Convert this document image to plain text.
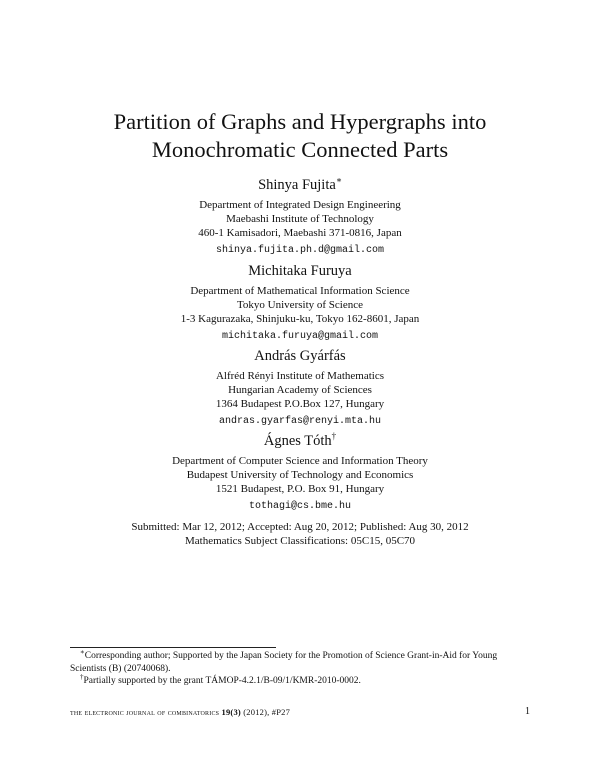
Partition of Graphs and Hypergraphs into
Monochromatic Connected Parts
Shinya Fujita∗
Department of Integrated Design Engineering
Maebashi Institute of Technology
460-1 Kamisadori, Maebashi 371-0816, Japan
shinya.fujita.ph.d@gmail.com
Michitaka Furuya
Department of Mathematical Information Science
Tokyo University of Science
1-3 Kagurazaka, Shinjuku-ku, Tokyo 162-8601, Japan
michitaka.furuya@gmail.com
András Gyárfás
Alfréd Rényi Institute of Mathematics
Hungarian Academy of Sciences
1364 Budapest P.O.Box 127, Hungary
andras.gyarfas@renyi.mta.hu
Ágnes Tóth†
Department of Computer Science and Information Theory
Budapest University of Technology and Economics
1521 Budapest, P.O. Box 91, Hungary
tothagi@cs.bme.hu
Submitted: Mar 12, 2012; Accepted: Aug 20, 2012; Published: Aug 30, 2012
Mathematics Subject Classifications: 05C15, 05C70

∗Corresponding author; Supported by the Japan Society for the Promotion of Science Grant-in-Aid for Young Scientists (B) (20740068).

†Partially supported by the grant TÁMOP-4.2.1/B-09/1/KMR-2010-0002.

the electronic journal of combinatorics 19(3) (2012), #P27	1
